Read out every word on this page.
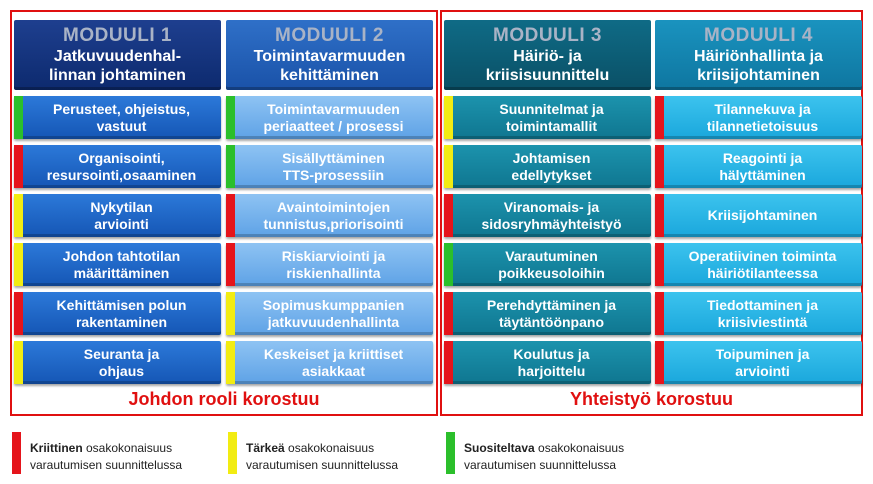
Johdon rooli korostuu	Yhteistyö korostuu
MODUULI 1
Jatkuvuudenhal-
linnan johtaminen
Perusteet, ohjeistus,
vastuut
Organisointi,
resursointi,osaaminen
Nykytilan
arviointi
Johdon tahtotilan
määrittäminen
Kehittämisen polun
rakentaminen
Seuranta ja
ohjaus
MODUULI 2
Toimintavarmuuden
kehittäminen
Toimintavarmuuden
periaatteet / prosessi
Sisällyttäminen
TTS-prosessiin
Avaintoimintojen
tunnistus,priorisointi
Riskiarviointi ja
riskienhallinta
Sopimuskumppanien
jatkuvuudenhallinta
Keskeiset ja kriittiset
asiakkaat
MODUULI 3
Häiriö- ja
kriisisuunnittelu
Suunnitelmat ja
toimintamallit
Johtamisen
edellytykset
Viranomais- ja
sidosryhmäyhteistyö
Varautuminen
poikkeusoloihin
Perehdyttäminen ja
täytäntöönpano
Koulutus ja
harjoittelu
MODUULI 4
Häiriönhallinta ja
kriisijohtaminen
Tilannekuva ja
tilannetietoisuus
Reagointi ja
hälyttäminen
Kriisijohtaminen
Operatiivinen toiminta
häiriötilanteessa
Tiedottaminen ja
kriisiviestintä
Toipuminen ja
arviointi
Kriittinen osakokonaisuus
varautumisen suunnittelussa
Tärkeä osakokonaisuus
varautumisen suunnittelussa
Suositeltava osakokonaisuus
varautumisen suunnittelussa
